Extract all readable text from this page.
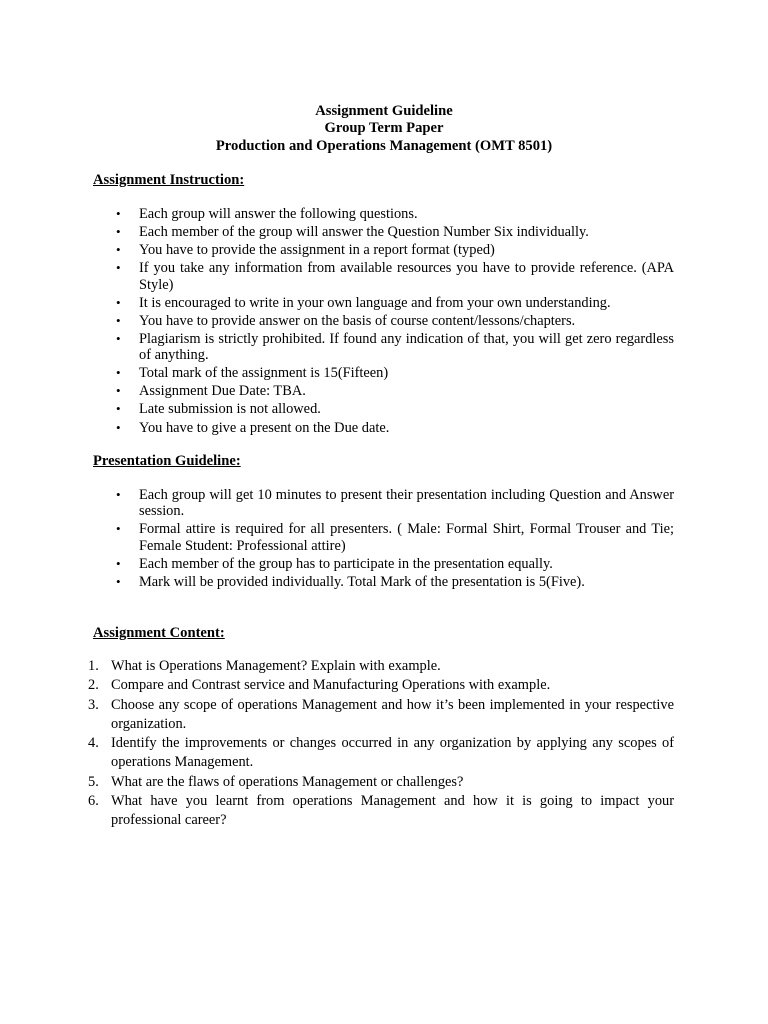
Assignment Guideline
Group Term Paper
Production and Operations Management (OMT 8501)
Assignment Instruction:
• Each group will answer the following questions.
• Each member of the group will answer the Question Number Six individually.
• You have to provide the assignment in a report format (typed)
• If you take any information from available resources you have to provide reference. (APA Style)
• It is encouraged to write in your own language and from your own understanding.
• You have to provide answer on the basis of course content/lessons/chapters.
• Plagiarism is strictly prohibited. If found any indication of that, you will get zero regardless of anything.
• Total mark of the assignment is 15(Fifteen)
• Assignment Due Date: TBA.
• Late submission is not allowed.
• You have to give a present on the Due date.
Presentation Guideline:
• Each group will get 10 minutes to present their presentation including Question and Answer session.
• Formal attire is required for all presenters. ( Male: Formal Shirt, Formal Trouser and Tie; Female Student: Professional attire)
• Each member of the group has to participate in the presentation equally.
• Mark will be provided individually. Total Mark of the presentation is 5(Five).
Assignment Content:
1. What is Operations Management? Explain with example.
2. Compare and Contrast service and Manufacturing Operations with example.
3. Choose any scope of operations Management and how it’s been implemented in your respective organization.
4. Identify the improvements or changes occurred in any organization by applying any scopes of operations Management.
5. What are the flaws of operations Management or challenges?
6. What have you learnt from operations Management and how it is going to impact your professional career?
